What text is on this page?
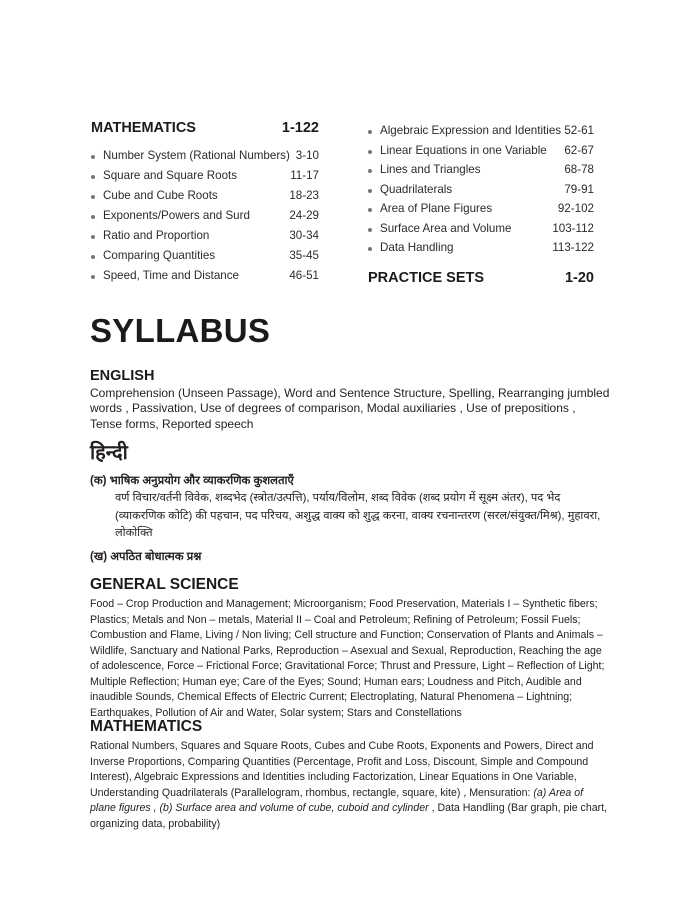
MATHEMATICS	1-122
Number System (Rational Numbers) 3-10
Square and Square Roots	11-17
Cube and Cube Roots	18-23
Exponents/Powers and Surd	24-29
Ratio and Proportion	30-34
Comparing Quantities	35-45
Speed, Time and Distance	46-51
Algebraic Expression and Identities 52-61
Linear Equations in one Variable 62-67
Lines and Triangles	68-78
Quadrilaterals	79-91
Area of Plane Figures	92-102
Surface Area and Volume	103-112
Data Handling	113-122
PRACTICE SETS	1-20
SYLLABUS
ENGLISH
Comprehension (Unseen Passage), Word and Sentence Structure, Spelling, Rearranging jumbled words , Passivation, Use of degrees of comparison, Modal auxiliaries , Use of prepositions , Tense forms, Reported speech
हिन्दी
(क) भाषिक अनुप्रयोग और व्याकरणिक कुशलताएँ
वर्ण विचार/वर्तनी विवेक, शब्दभेद (स्त्रोत/उत्पत्ति), पर्याय/विलोम, शब्द विवेक (शब्द प्रयोग में सूक्ष्म अंतर), पद भेद (व्याकरणिक कोटि) की पहचान, पद परिचय, अशुद्ध वाक्य को शुद्ध करना, वाक्य रचनान्तरण (सरल/संयुक्त/मिश्र), मुहावरा, लोकोक्ति
(ख) अपठित बोधात्मक प्रश्न
GENERAL SCIENCE
Food – Crop Production and Management; Microorganism; Food Preservation, Materials I – Synthetic fibers; Plastics; Metals and Non – metals, Material II – Coal and Petroleum; Refining of Petroleum; Fossil Fuels; Combustion and Flame, Living / Non living; Cell structure and Function; Conservation of Plants and Animals – Wildlife, Sanctuary and National Parks, Reproduction – Asexual and Sexual, Reproduction, Reaching the age of adolescence, Force – Frictional Force; Gravitational Force; Thrust and Pressure, Light – Reflection of Light; Multiple Reflection; Human eye; Care of the Eyes; Sound; Human ears; Loudness and Pitch, Audible and inaudible Sounds, Chemical Effects of Electric Current; Electroplating, Natural Phenomena – Lightning; Earthquakes, Pollution of Air and Water, Solar system; Stars and Constellations
MATHEMATICS
Rational Numbers, Squares and Square Roots, Cubes and Cube Roots, Exponents and Powers, Direct and Inverse Proportions, Comparing Quantities (Percentage, Profit and Loss, Discount, Simple and Compound Interest), Algebraic Expressions and Identities including Factorization, Linear Equations in One Variable, Understanding Quadrilaterals (Parallelogram, rhombus, rectangle, square, kite) , Mensuration: (a) Area of plane figures , (b) Surface area and volume of cube, cuboid and cylinder , Data Handling (Bar graph, pie chart, organizing data, probability)
